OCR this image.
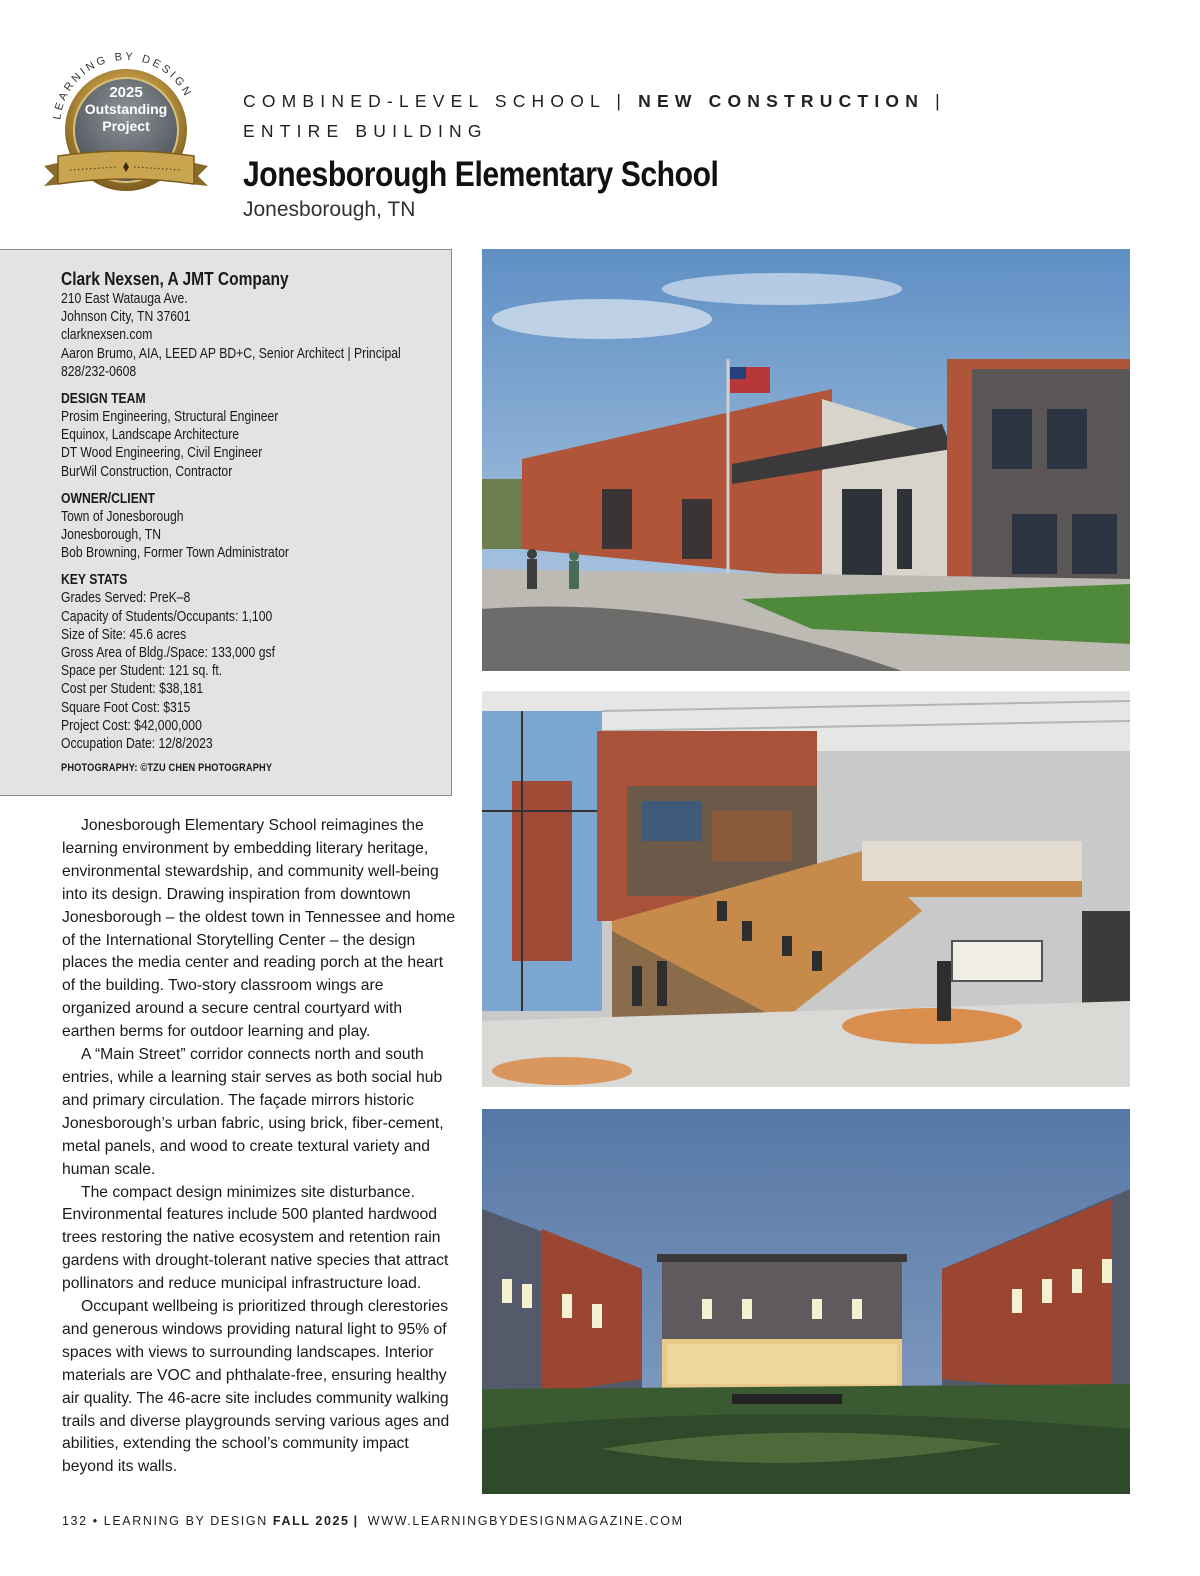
LEARNING BY DESIGN
2025
Outstanding
Project
COMBINED-LEVEL SCHOOL | NEW CONSTRUCTION |
ENTIRE BUILDING
Jonesborough Elementary School
Jonesborough, TN
Clark Nexsen, A JMT Company
210 East Watauga Ave.
Johnson City, TN 37601
clarknexsen.com
Aaron Brumo, AIA, LEED AP BD+C, Senior Architect | Principal
828/232-0608
DESIGN TEAM
Prosim Engineering, Structural Engineer
Equinox, Landscape Architecture
DT Wood Engineering, Civil Engineer
BurWil Construction, Contractor
OWNER/CLIENT
Town of Jonesborough
Jonesborough, TN
Bob Browning, Former Town Administrator
KEY STATS
Grades Served: PreK–8
Capacity of Students/Occupants: 1,100
Size of Site: 45.6 acres
Gross Area of Bldg./Space: 133,000 gsf
Space per Student: 121 sq. ft.
Cost per Student: $38,181
Square Foot Cost: $315
Project Cost: $42,000,000
Occupation Date: 12/8/2023
PHOTOGRAPHY: ©TZU CHEN PHOTOGRAPHY

Jonesborough Elementary School reimagines the learning environment by embedding literary heritage, environmental stewardship, and community well-being into its design. Drawing inspiration from downtown Jonesborough – the oldest town in Tennessee and home of the International Storytelling Center – the design places the media center and reading porch at the heart of the building. Two-story classroom wings are organized around a secure central courtyard with earthen berms for outdoor learning and play.

A “Main Street” corridor connects north and south entries, while a learning stair serves as both social hub and primary circulation. The façade mirrors historic Jonesborough’s urban fabric, using brick, fiber-cement, metal panels, and wood to create textural variety and human scale.

The compact design minimizes site disturbance. Environmental features include 500 planted hardwood trees restoring the native ecosystem and retention rain gardens with drought-tolerant native species that attract pollinators and reduce municipal infrastructure load.

Occupant wellbeing is prioritized through clerestories and generous windows providing natural light to 95% of spaces with views to surrounding landscapes. Interior materials are VOC and phthalate-free, ensuring healthy air quality. The 46-acre site includes community walking trails and diverse playgrounds serving various ages and abilities, extending the school’s community impact beyond its walls.

132 • LEARNING BY DESIGN FALL 2025 | WWW.LEARNINGBYDESIGNMAGAZINE.COM
